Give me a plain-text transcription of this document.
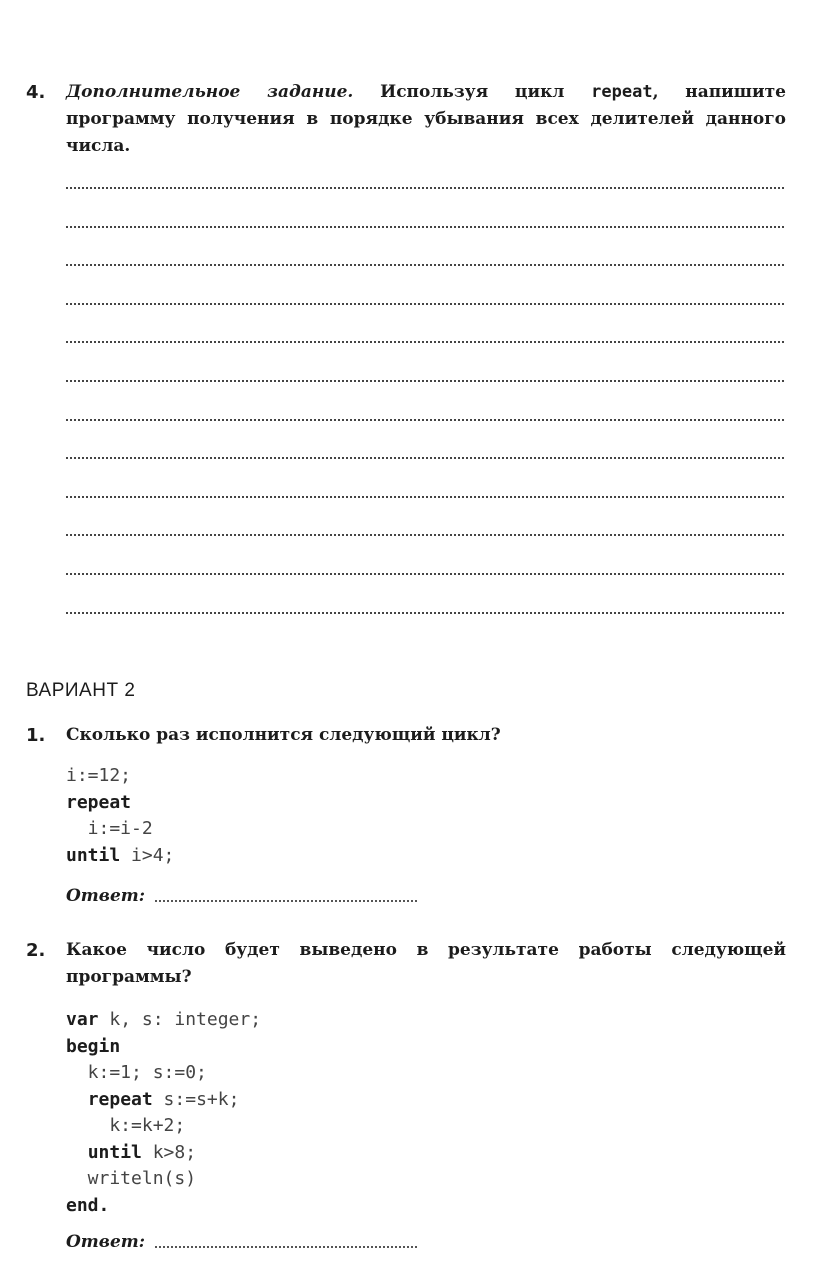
4.	Дополнительное задание. Используя цикл repeat, напишите программу получения в порядке убывания всех делителей данного числа.
ВАРИАНТ 2
1.	Сколько раз исполнится следующий цикл?
i:=12;
repeat
i:=i-2
until i>4;
Ответ:
2.	Какое число будет выведено в результате работы следующей программы?
var k, s: integer;
begin
k:=1; s:=0;
repeat s:=s+k;
k:=k+2;
until k>8;
writeln(s)
end.
Ответ:
